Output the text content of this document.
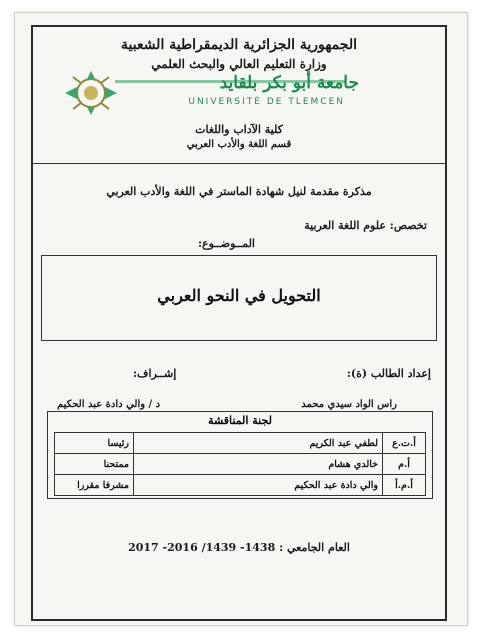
الجمهورية الجزائرية الديمقراطية الشعبية
وزارة التعليم العالي والبحث العلمي
جامعة أبو بكر بلقايد
UNIVERSITÉ DE TLEMCEN
كلية الآداب واللغات
قسم اللغة والأدب العربي
مذكرة مقدمة لنيل شهادة الماستر في اللغة والأدب العربي
تخصص: علوم اللغة العربية
المــوضــوع:
التحويل في النحو العربي
إعداد الطالب (ة):
إشــراف:
راس الواد سيدي محمد
د / والي دادة عبد الحكيم
لجنة المناقشة
أ.ت.ع	لطفي عبد الكريم	رئيسا
أ.م	خالدي هشام	ممتحنا
أ.م.أ	والي دادة عبد الحكيم	مشرفا مقررا
العام الجامعي : 1438- 1439/ 2016- 2017
